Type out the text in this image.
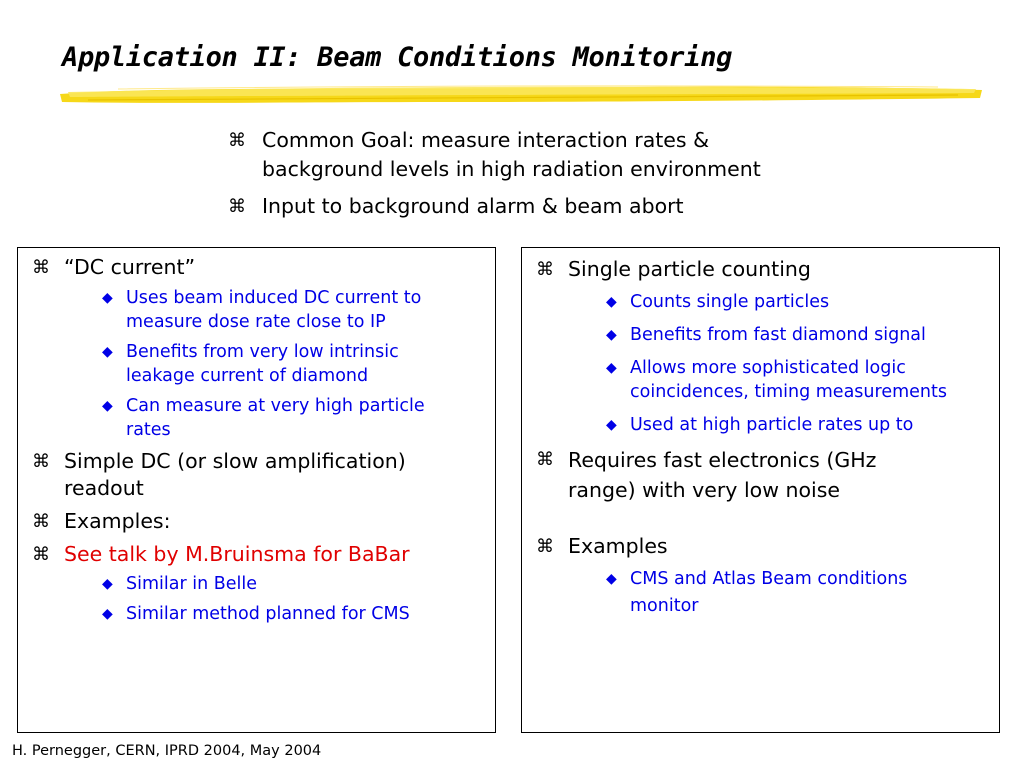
Application II: Beam Conditions Monitoring
⌘ Common Goal: measure interaction rates &
background levels in high radiation environment
⌘ Input to background alarm & beam abort
⌘ “DC current”
◆ Uses beam induced DC current to
measure dose rate close to IP
◆ Benefits from very low intrinsic
leakage current of diamond
◆ Can measure at very high particle
rates
⌘ Simple DC (or slow amplification)
readout
⌘ Examples:
⌘ See talk by M.Bruinsma for BaBar
◆ Similar in Belle
◆ Similar method planned for CMS
⌘ Single particle counting
◆ Counts single particles
◆ Benefits from fast diamond signal
◆ Allows more sophisticated logic
coincidences, timing measurements
◆ Used at high particle rates up to
⌘ Requires fast electronics (GHz
range) with very low noise
⌘ Examples
◆ CMS and Atlas Beam conditions
monitor
H. Pernegger, CERN, IPRD 2004, May 2004
